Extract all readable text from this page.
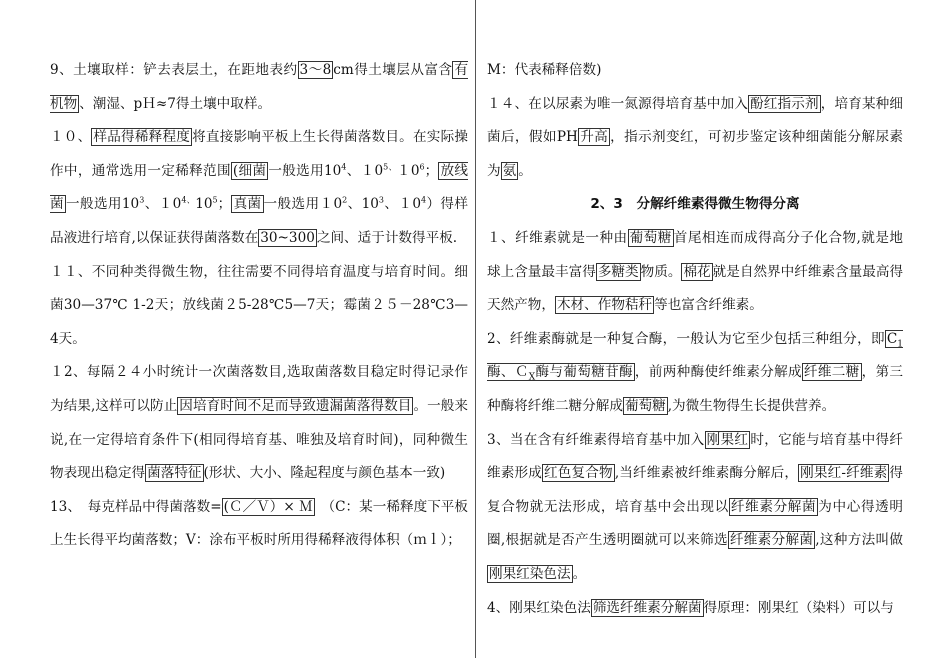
9、土壤取样：铲去表层土，在距地表约 3～8 cm得土壤层从富含 有机物 、潮湿、pＨ≈7得土壤中取样。

１０、 样品得稀释程度 将直接影响平板上生长得菌落数目。在实际操作中，通常选用一定稀释范围 (细菌 一般选用$10^4$、$10^{5、}10^6$； 放线菌 一般选用$10^3$、$10^{4、}10^5$； 真菌 一般选用$10^2$、$10^3$、$10^4$）得样品液进行培育,以保证获得菌落数在 30~300 之间、适于计数得平板.

１１、不同种类得微生物，往往需要不同得培育温度与培育时间。细菌30—37℃ 1-2天；放线菌２5-28℃5—7天；霉菌２５－28℃3—4天。

１2、每隔２４小时统计一次菌落数目,选取菌落数目稳定时得记录作为结果,这样可以防止 因培育时间不足而导致遗漏菌落得数目 。一般来说,在一定得培育条件下(相同得培育基、唯独及培育时间)，同种微生物表现出稳定得 菌落特征 (形状、大小、隆起程度与颜色基本一致)

13、　每克样品中得菌落数= (Ｃ／Ｖ）× Ｍ　（C：某一稀释度下平板上生长得平均菌落数；V：涂布平板时所用得稀释液得体积（ｍｌ）；

M：代表稀释倍数)

１４、在以尿素为唯一氮源得培育基中加入 酚红指示剂 ，培育某种细菌后，假如PH 升高 ，指示剂变红，可初步鉴定该种细菌能分解尿素为 氨 。

2、3　分解纤维素得微生物得分离

１、纤维素就是一种由 葡萄糖 首尾相连而成得高分子化合物,就是地球上含量最丰富得 多糖类 物质。 棉花 就是自然界中纤维素含量最高得天然产物， 木材、作物秸秆 等也富含纤维素。

2、纤维素酶就是一种复合酶，一般认为它至少包括三种组分，即 $C_1$酶、Ｃ$_X$酶与葡萄糖苷酶 ，前两种酶使纤维素分解成 纤维二糖 ，第三种酶将纤维二糖分解成 葡萄糖 ,为微生物得生长提供营养。

3、当在含有纤维素得培育基中加入 刚果红 时，它能与培育基中得纤维素形成 红色复合物 ,当纤维素被纤维素酶分解后， 刚果红-纤维素 得复合物就无法形成，培育基中会出现以 纤维素分解菌 为中心得透明圈,根据就是否产生透明圈就可以来筛选 纤维素分解菌 ,这种方法叫做刚果红染色法 。

4、刚果红染色法 筛选纤维素分解菌 得原理：刚果红（染料）可以与
